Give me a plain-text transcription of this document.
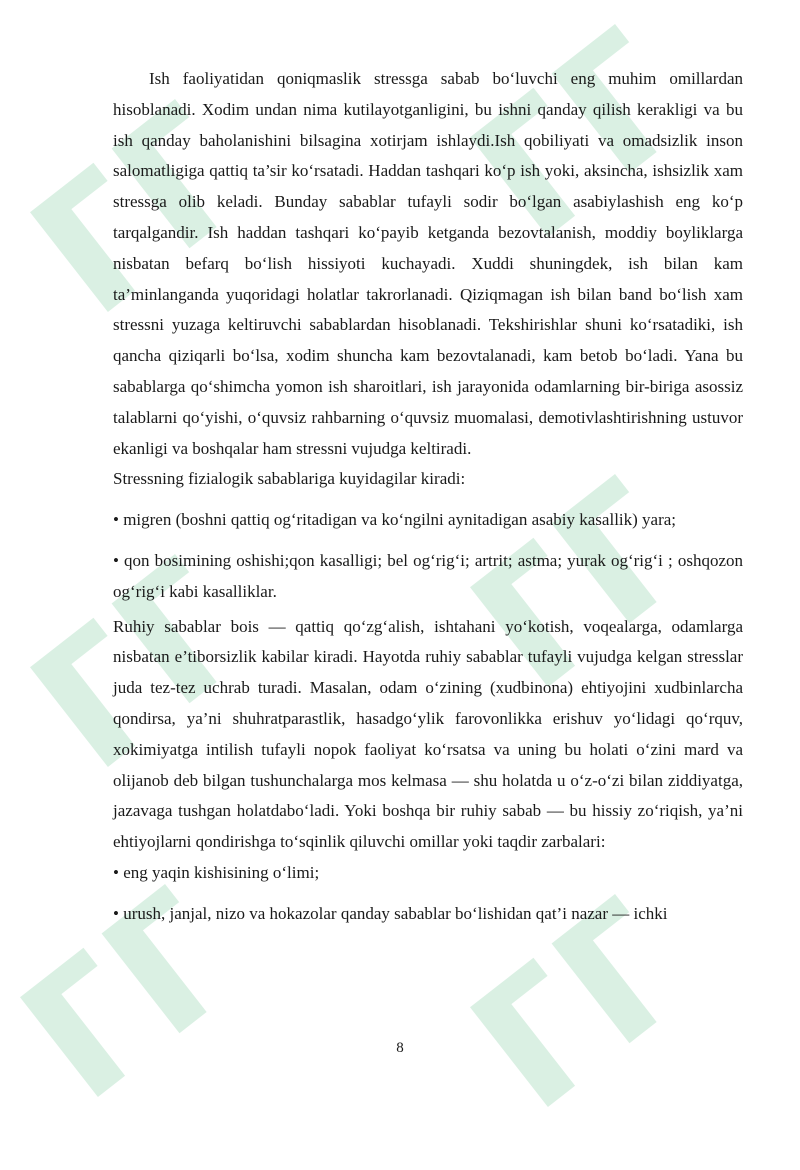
Ish faoliyatidan qoniqmaslik stressga sabab bo‘luvchi eng muhim omillardan hisoblanadi. Xodim undan nima kutilayotganligini, bu ishni qanday qilish kerakligi va bu ish qanday baholanishini bilsagina xotirjam ishlaydi.Ish qobiliyati va omadsizlik inson salomatligiga qattiq ta’sir ko‘rsatadi. Haddan tashqari ko‘p ish yoki, aksincha, ishsizlik xam stressga olib keladi. Bunday sabablar tufayli sodir bo‘lgan asabiylashish eng ko‘p tarqalgandir. Ish haddan tashqari ko‘payib ketganda bezovtalanish, moddiy boyliklarga nisbatan befarq bo‘lish hissiyoti kuchayadi. Xuddi shuningdek, ish bilan kam ta’minlanganda yuqoridagi holatlar takrorlanadi. Qiziqmagan ish bilan band bo‘lish xam stressni yuzaga keltiruvchi sabablardan hisoblanadi. Tekshirishlar shuni ko‘rsatadiki, ish qancha qiziqarli bo‘lsa, xodim shuncha kam bezovtalanadi, kam betob bo‘ladi. Yana bu sabablarga qo‘shimcha yomon ish sharoitlari, ish jarayonida odamlarning bir-biriga asossiz talablarni qo‘yishi, o‘quvsiz rahbarning o‘quvsiz muomalasi, demotivlashtirishning ustuvor ekanligi va boshqalar ham stressni vujudga keltiradi.

Stressning fizialogik sabablariga kuyidagilar kiradi:

• migren (boshni qattiq og‘ritadigan va ko‘ngilni aynitadigan asabiy kasallik) yara;

• qon bosimining oshishi;qon kasalligi; bel og‘rig‘i; artrit; astma; yurak og‘rig‘i ; oshqozon og‘rig‘i kabi kasalliklar.

Ruhiy sabablar bois — qattiq qo‘zg‘alish, ishtahani yo‘kotish, voqealarga, odamlarga nisbatan e’tiborsizlik kabilar kiradi. Hayotda ruhiy sabablar tufayli vujudga kelgan stresslar juda tez-tez uchrab turadi. Masalan, odam o‘zining (xudbinona) ehtiyojini xudbinlarcha qondirsa, ya’ni shuhratparastlik, hasadgo‘ylik farovonlikka erishuv yo‘lidagi qo‘rquv, xokimiyatga intilish tufayli nopok faoliyat ko‘rsatsa va uning bu holati o‘zini mard va olijanob deb bilgan tushunchalarga mos kelmasa — shu holatda u o‘z-o‘zi bilan ziddiyatga, jazavaga tushgan holatdabo‘ladi. Yoki boshqa bir ruhiy sabab — bu hissiy zo‘riqish, ya’ni ehtiyojlarni qondirishga to‘sqinlik qiluvchi omillar yoki taqdir zarbalari:

• eng yaqin kishisining o‘limi;

• urush, janjal, nizo va hokazolar qanday sabablar bo‘lishidan qat’i nazar — ichki

8
